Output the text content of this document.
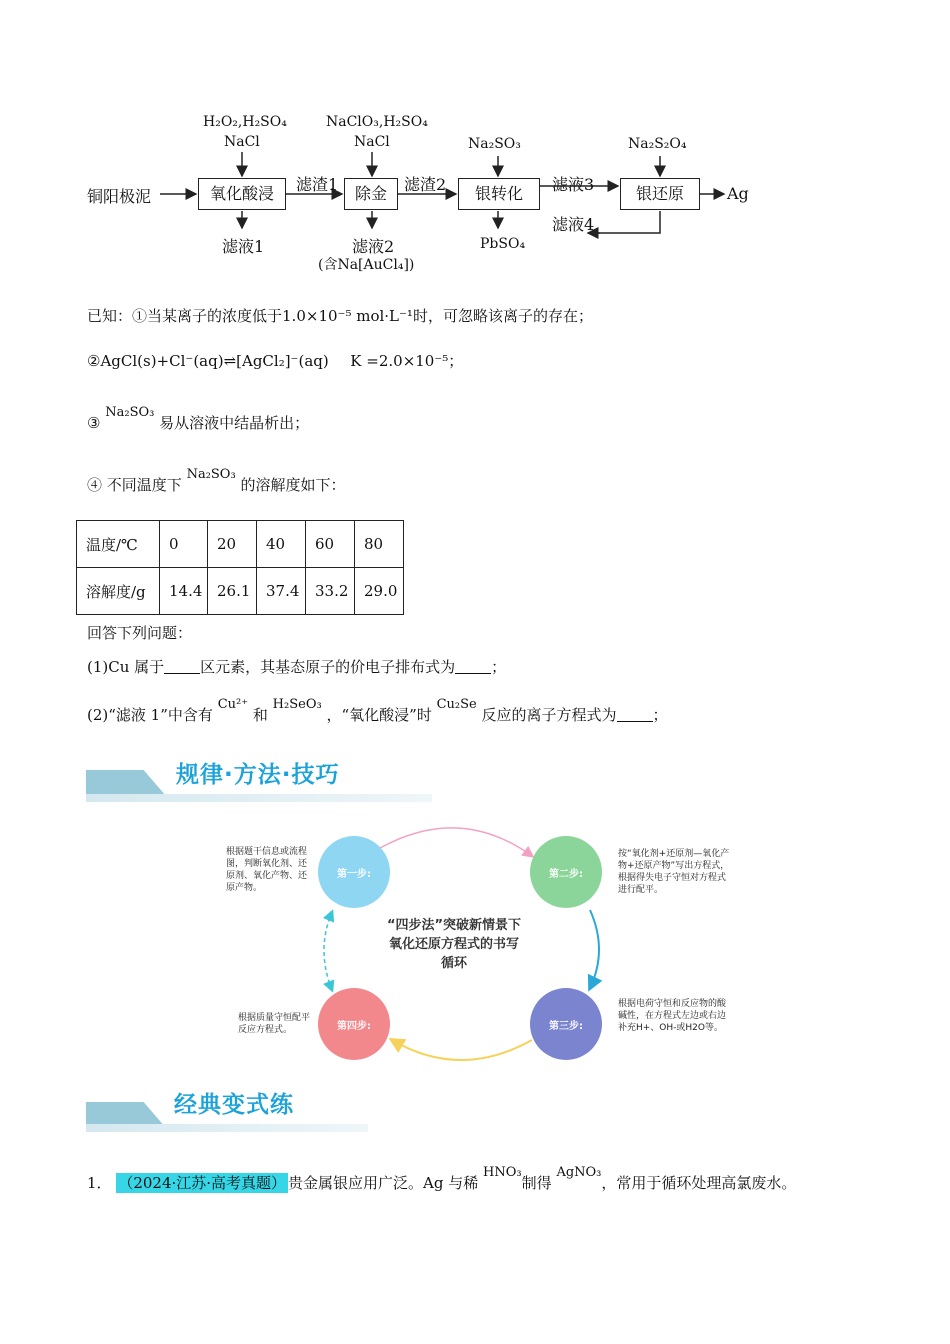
铜阳极泥	氧化酸浸	除金	银转化	银还原	Ag
H₂O₂,H₂SO₄
NaCl
NaClO₃,H₂SO₄
NaCl	Na₂SO₃	Na₂S₂O₄
滤液1	滤液2
(含Na[AuCl₄])
PbSO₄
滤渣1	滤渣2	滤液3
滤液4
已知：①当某离子的浓度低于1.0×10⁻⁵ mol·L⁻¹时，可忽略该离子的存在；
②AgCl(s)+Cl⁻(aq)⇌[AgCl₂]⁻(aq) K =2.0×10⁻⁵；
③ Na₂SO₃ 易从溶液中结晶析出；
④ 不同温度下 Na₂SO₃ 的溶解度如下：
温度/℃	0	20	40	60	80
溶解度/g	14.4	26.1	37.4	33.2	29.0
回答下列问题：
(1)Cu 属于 区元素，其基态原子的价电子排布式为 ；
(2)“滤液 1”中含有 Cu²⁺ 和 H₂SeO₃ ，“氧化酸浸”时 Cu₂Se 反应的离子方程式为 ；
规律·方法·技巧
第一步:	第二步:
第三步:
第四步:
“四步法”突破新情景下氧化还原方程式的书写循环
根据题干信息或流程图，判断氧化剂、还原剂、氧化产物、还原产物。
按“氧化剂+还原剂—氧化产物+还原产物”写出方程式，根据得失电子守恒对方程式进行配平。
根据电荷守恒和反应物的酸碱性，在方程式左边或右边补充H+、OH-或H2O等。
根据质量守恒配平反应方程式。
经典变式练
1． （2024·江苏·高考真题） 贵金属银应用广泛。Ag 与稀 HNO₃制得 AgNO₃，常用于循环处理高氯废水。
